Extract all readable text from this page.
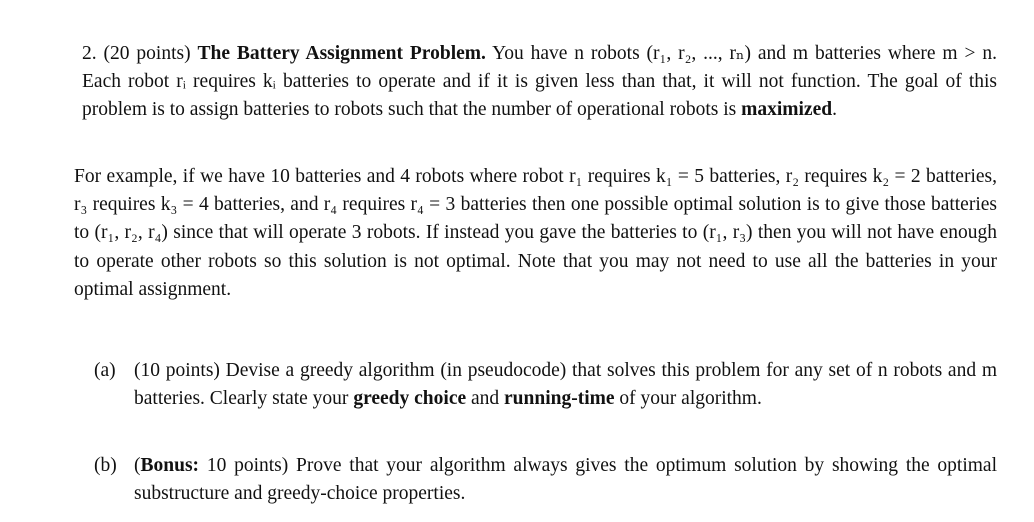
2. (20 points) The Battery Assignment Problem. You have n robots (r₁, r₂, ..., rₙ) and m batteries where m > n. Each robot rᵢ requires kᵢ batteries to operate and if it is given less than that, it will not function. The goal of this problem is to assign batteries to robots such that the number of operational robots is maximized.
For example, if we have 10 batteries and 4 robots where robot r₁ requires k₁ = 5 batteries, r₂ requires k₂ = 2 batteries, r₃ requires k₃ = 4 batteries, and r₄ requires r₄ = 3 batteries then one possible optimal solution is to give those batteries to (r₁, r₂, r₄) since that will operate 3 robots. If instead you gave the batteries to (r₁, r₃) then you will not have enough to operate other robots so this solution is not optimal. Note that you may not need to use all the batteries in your optimal assignment.
(a) (10 points) Devise a greedy algorithm (in pseudocode) that solves this problem for any set of n robots and m batteries. Clearly state your greedy choice and running-time of your algorithm.
(b) (Bonus: 10 points) Prove that your algorithm always gives the optimum solution by showing the optimal substructure and greedy-choice properties.
